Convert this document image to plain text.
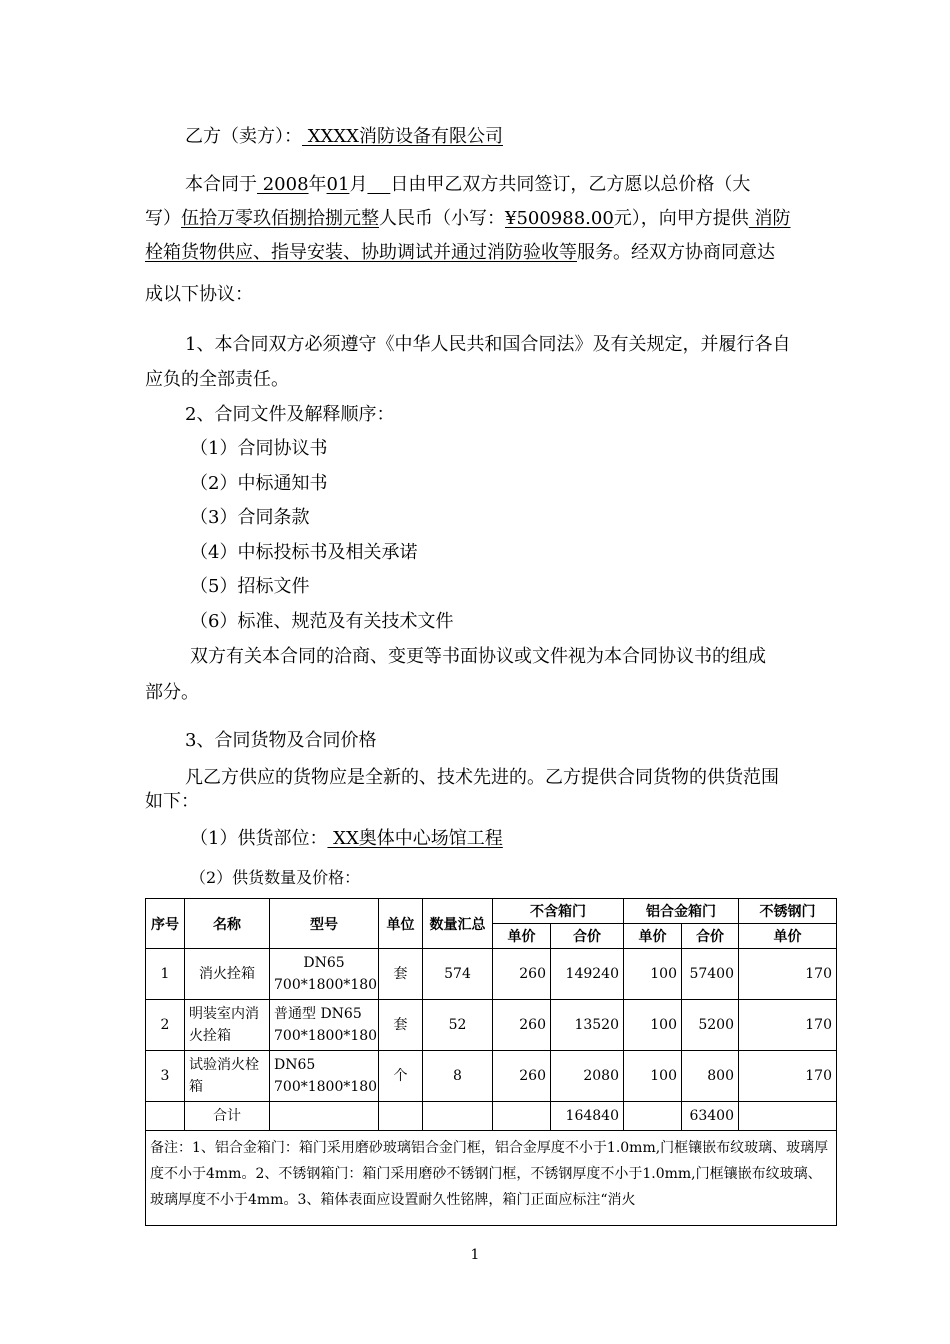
乙方（卖方）： XXXX消防设备有限公司
本合同于 2008年01月 日由甲乙双方共同签订，乙方愿以总价格（大
写）伍拾万零玖佰捌拾捌元整人民币（小写：¥500988.00元），向甲方提供 消防
栓箱货物供应、指导安装、协助调试并通过消防验收等服务。经双方协商同意达
成以下协议：
1、本合同双方必须遵守《中华人民共和国合同法》及有关规定，并履行各自
应负的全部责任。
2、合同文件及解释顺序：
（1）合同协议书
（2）中标通知书
（3）合同条款
（4）中标投标书及相关承诺
（5）招标文件
（6）标准、规范及有关技术文件
双方有关本合同的洽商、变更等书面协议或文件视为本合同协议书的组成
部分。
3、合同货物及合同价格
凡乙方供应的货物应是全新的、技术先进的。乙方提供合同货物的供货范围
如下：
（1）供货部位： XX奥体中心场馆工程
（2）供货数量及价格：
序号	名称	型号	单位	数量汇总	不含箱门		铝合金箱门		不锈钢门
					单价	合价	单价	合价	单价
1	消火拴箱	DN65 700*1800*180	套	574	260	149240	100	57400	170
2	明装室内消火拴箱	普通型 DN65 700*1800*180	套	52	260	13520	100	5200	170
3	试验消火栓箱	DN65 700*1800*180	个	8	260	2080	100	800	170
	合计					164840		63400	
备注：1、铝合金箱门：箱门采用磨砂玻璃铝合金门框，铝合金厚度不小于1.0mm,门框镶嵌布纹玻璃、玻璃厚度不小于4mm。2、不锈钢箱门：箱门采用磨砂不锈钢门框，不锈钢厚度不小于1.0mm,门框镶嵌布纹玻璃、玻璃厚度不小于4mm。3、箱体表面应设置耐久性铭牌，箱门正面应标注“消火									
1
